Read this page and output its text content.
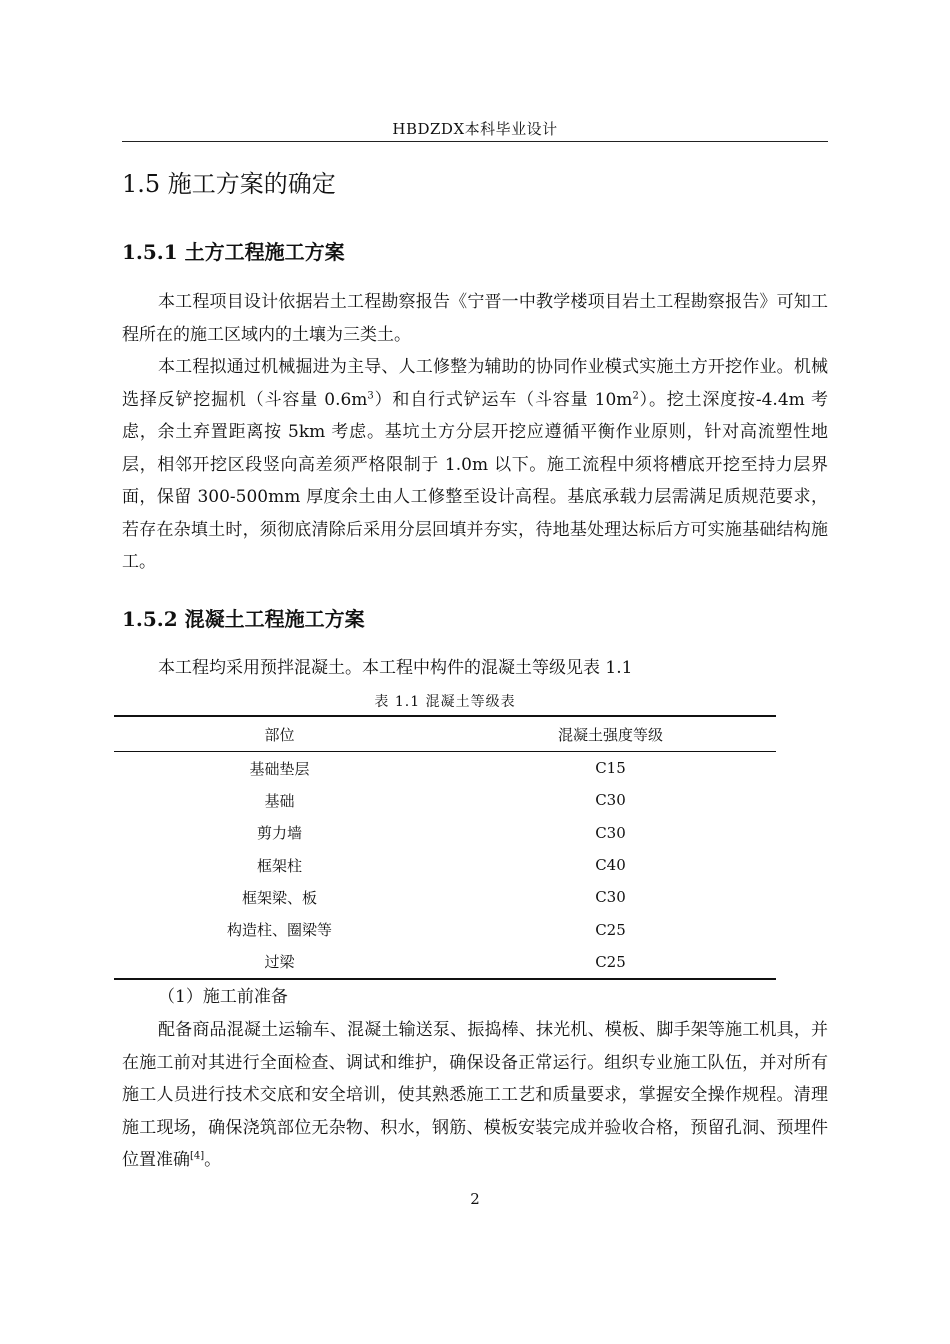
HBDZDX本科毕业设计
1.5 施工方案的确定
1.5.1 土方工程施工方案

本工程项目设计依据岩土工程勘察报告《宁晋一中教学楼项目岩土工程勘察报告》可知工程所在的施工区域内的土壤为三类土。

本工程拟通过机械掘进为主导、人工修整为辅助的协同作业模式实施土方开挖作业。机械选择反铲挖掘机（斗容量 $0.6m^3$）和自行式铲运车（斗容量 $10m^2$）。挖土深度按-4.4m 考虑，余土弃置距离按 5km 考虑。基坑土方分层开挖应遵循平衡作业原则，针对高流塑性地层，相邻开挖区段竖向高差须严格限制于 1.0m 以下。施工流程中须将槽底开挖至持力层界面，保留 300-500mm 厚度余土由人工修整至设计高程。基底承载力层需满足质规范要求，若存在杂填土时，须彻底清除后采用分层回填并夯实，待地基处理达标后方可实施基础结构施工。

1.5.2 混凝土工程施工方案

本工程均采用预拌混凝土。本工程中构件的混凝土等级见表 1.1

表 1.1 混凝土等级表
部位	混凝土强度等级
基础垫层	C15
基础	C30
剪力墙	C30
框架柱	C40
框架梁、板	C30
构造柱、圈梁等	C25
过梁	C25

（1）施工前准备

配备商品混凝土运输车、混凝土输送泵、振捣棒、抹光机、模板、脚手架等施工机具，并在施工前对其进行全面检查、调试和维护，确保设备正常运行。组织专业施工队伍，并对所有施工人员进行技术交底和安全培训，使其熟悉施工工艺和质量要求，掌握安全操作规程。清理施工现场，确保浇筑部位无杂物、积水，钢筋、模板安装完成并验收合格，预留孔洞、预埋件位置准确[4]。

2
